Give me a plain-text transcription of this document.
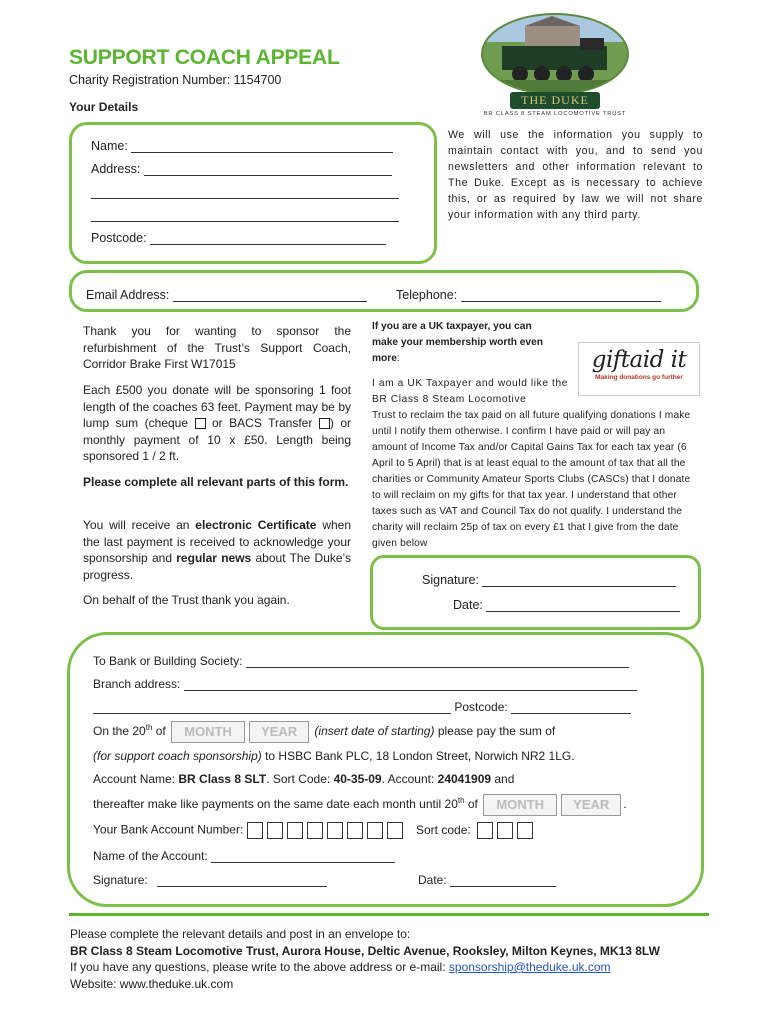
SUPPORT COACH APPEAL
Charity Registration Number: 1154700
Your Details	THE DUKE
BR CLASS 8 STEAM LOCOMOTIVE TRUST
Name:
Address:
Postcode:
We will use the information you supply to maintain contact with you, and to send you newsletters and other information relevant to The Duke. Except as is necessary to achieve this, or as required by law we will not share your information with any third party.
Email Address:	Telephone:
Thank you for wanting to sponsor the refurbishment of the Trust’s Support Coach, Corridor Brake First W17015
Each £500 you donate will be sponsoring 1 foot length of the coaches 63 feet. Payment may be by lump sum (cheque  or BACS Transfer ) or monthly payment of 10 x £50. Length being sponsored 1 / 2 ft.
Please complete all relevant parts of this form.
You will receive an electronic Certificate when the last payment is received to acknowledge your sponsorship and regular news about The Duke’s progress.
On behalf of the Trust thank you again.
If you are a UK taxpayer, you can make your membership worth even more:	giftaid it
Making donations go further
I am a UK Taxpayer and would like the BR Class 8 Steam Locomotive
Trust to reclaim the tax paid on all future qualifying donations I make until I notify them otherwise. I confirm I have paid or will pay an amount of Income Tax and/or Capital Gains Tax for each tax year (6 April to 5 April) that is at least equal to the amount of tax that all the charities or Community Amateur Sports Clubs (CASCs) that I donate to will reclaim on my gifts for that tax year. I understand that other taxes such as VAT and Council Tax do not qualify. I understand the charity will reclaim 25p of tax on every £1 that I give from the date given below
Signature:
Date:
To Bank or Building Society:
Branch address:
Postcode:
On the 20th of MONTH YEAR (insert date of starting) please pay the sum of
(for support coach sponsorship) to HSBC Bank PLC, 18 London Street, Norwich NR2 1LG.
Account Name: BR Class 8 SLT. Sort Code: 40-35-09. Account: 24041909 and
thereafter make like payments on the same date each month until 20th of MONTH YEAR .
Your Bank Account Number:	Sort code:
Name of the Account:
Signature:	Date:
Please complete the relevant details and post in an envelope to:
BR Class 8 Steam Locomotive Trust, Aurora House, Deltic Avenue, Rooksley, Milton Keynes, MK13 8LW
If you have any questions, please write to the above address or e-mail: sponsorship@theduke.uk.com
Website: www.theduke.uk.com
